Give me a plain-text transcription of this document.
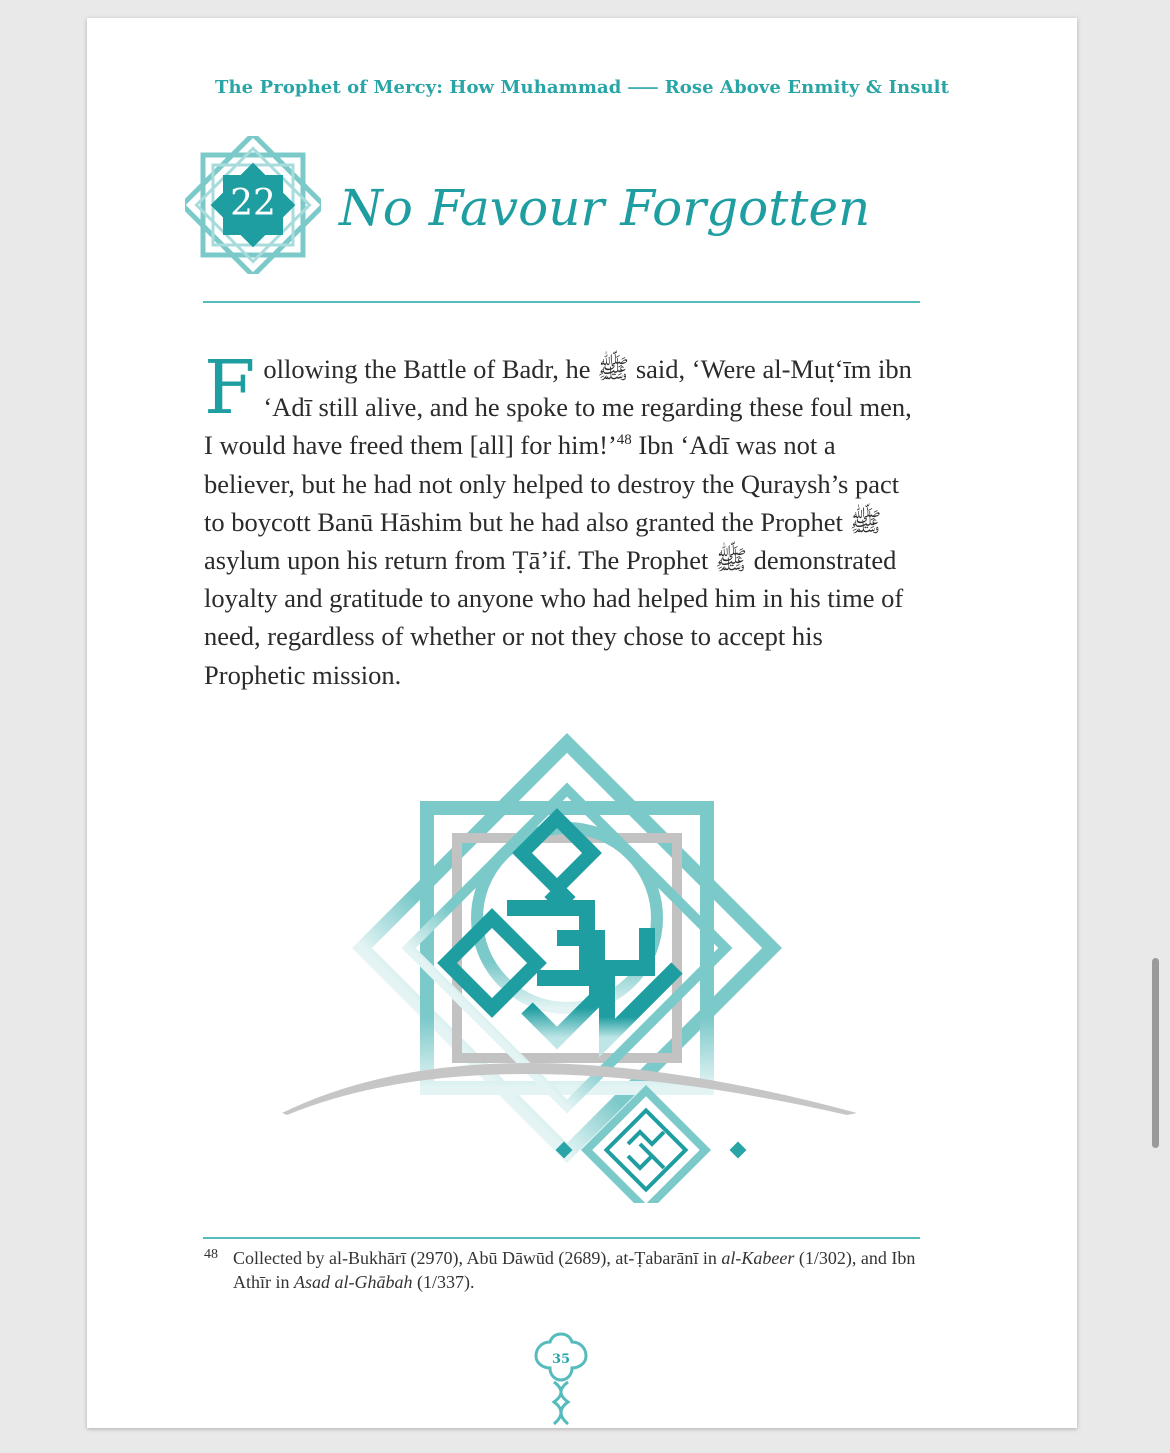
The Prophet of Mercy: How Muhammad ⸺ Rose Above Enmity & Insult
22	No Favour Forgotten
Following the Battle of Badr, he ﷺ said, ‘Were al-Muṭ‘īm ibn ‘Adī still alive, and he spoke to me regarding these foul men, I would have freed them [all] for him!’$^{48}$ Ibn ‘Adī was not a believer, but he had not only helped to destroy the Quraysh’s pact to boycott Banū Hāshim but he had also granted the Prophet ﷺ asylum upon his return from Ṭā’if. The Prophet ﷺ demonstrated loyalty and gratitude to anyone who had helped him in his time of need, regardless of whether or not they chose to accept his Prophetic mission.
48 Collected by al-Bukhārī (2970), Abū Dāwūd (2689), at-Ṭabarānī in al-Kabeer (1/302), and Ibn Athīr in Asad al-Ghābah (1/337).
35
